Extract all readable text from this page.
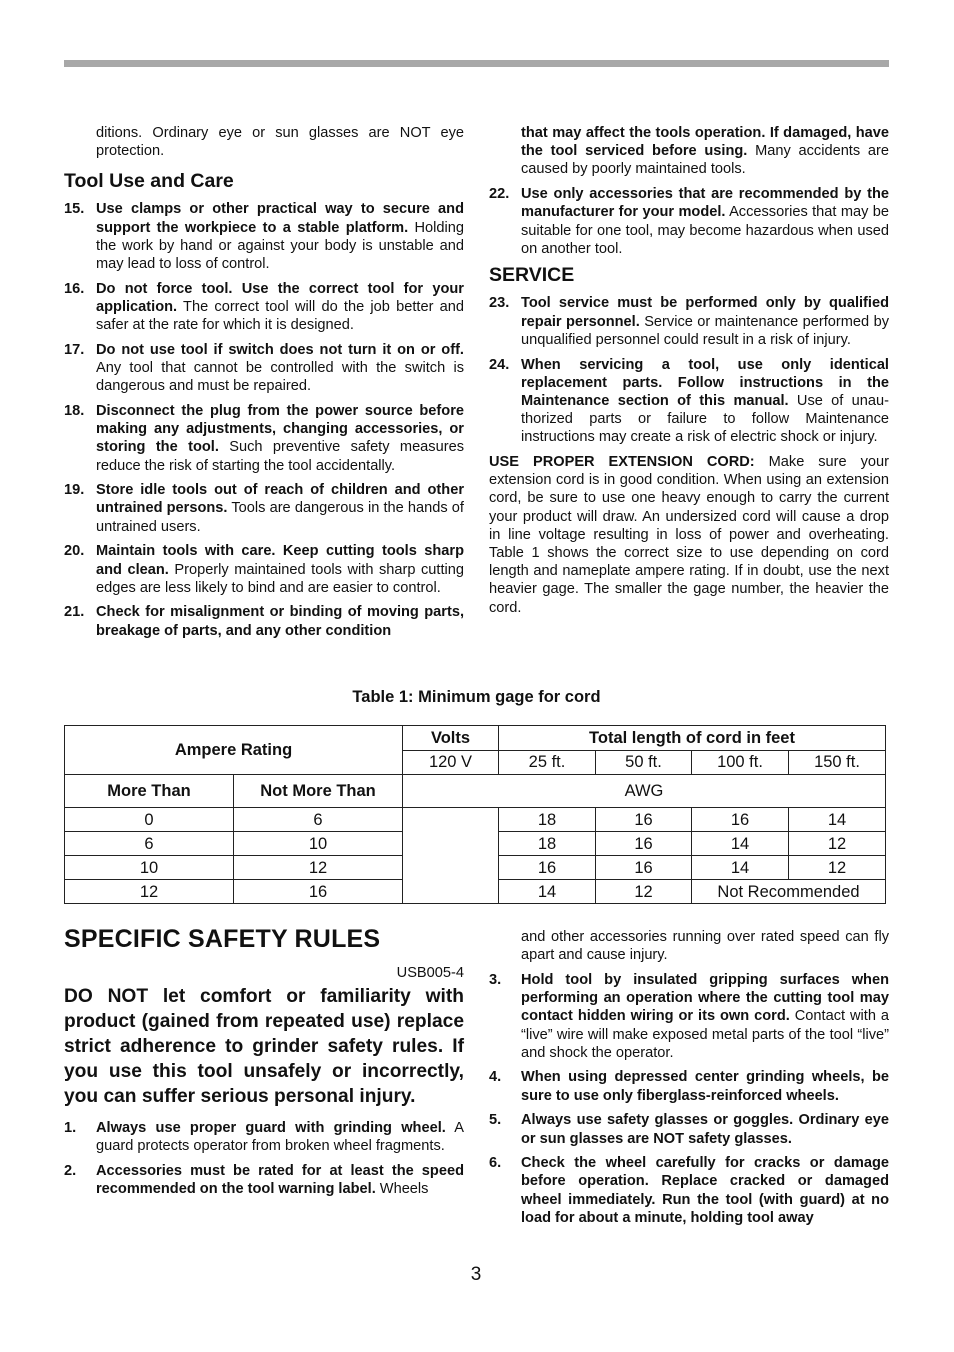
ditions. Ordinary eye or sun glasses are NOT eye protection.
Tool Use and Care
15. Use clamps or other practical way to secure and support the workpiece to a stable platform. Holding the work by hand or against your body is unstable and may lead to loss of control.
16. Do not force tool. Use the correct tool for your application. The correct tool will do the job better and safer at the rate for which it is designed.
17. Do not use tool if switch does not turn it on or off. Any tool that cannot be controlled with the switch is dangerous and must be repaired.
18. Disconnect the plug from the power source before making any adjustments, changing accessories, or storing the tool. Such preventive safety measures reduce the risk of starting the tool accidentally.
19. Store idle tools out of reach of children and other untrained persons. Tools are dangerous in the hands of untrained users.
20. Maintain tools with care. Keep cutting tools sharp and clean. Properly maintained tools with sharp cutting edges are less likely to bind and are easier to control.
21. Check for misalignment or binding of moving parts, breakage of parts, and any other condition
that may affect the tools operation. If damaged, have the tool serviced before using. Many accidents are caused by poorly maintained tools.
22. Use only accessories that are recommended by the manufacturer for your model. Accessories that may be suitable for one tool, may become hazardous when used on another tool.
SERVICE
23. Tool service must be performed only by qualified repair personnel. Service or maintenance performed by unqualified personnel could result in a risk of injury.
24. When servicing a tool, use only identical replacement parts. Follow instructions in the Maintenance section of this manual. Use of unauthorized parts or failure to follow Maintenance instructions may create a risk of electric shock or injury.
USE PROPER EXTENSION CORD: Make sure your extension cord is in good condition. When using an extension cord, be sure to use one heavy enough to carry the current your product will draw. An undersized cord will cause a drop in line voltage resulting in loss of power and overheating. Table 1 shows the correct size to use depending on cord length and nameplate ampere rating. If in doubt, use the next heavier gage. The smaller the gage number, the heavier the cord.
Table 1: Minimum gage for cord
Ampere Rating		Volts	Total length of cord in feet			
		120 V	25 ft.	50 ft.	100 ft.	150 ft.
More Than	Not More Than	AWG				
0	6		18	16	16	14
6	10		18	16	14	12
10	12		16	16	14	12
12	16		14	12	Not Recommended	
SPECIFIC SAFETY RULES
USB005-4
DO NOT let comfort or familiarity with product (gained from repeated use) replace strict adherence to grinder safety rules. If you use this tool unsafely or incorrectly, you can suffer serious personal injury.
1.	Always use proper guard with grinding wheel. A guard protects operator from broken wheel fragments.
2.	Accessories must be rated for at least the speed recommended on the tool warning label. Wheels
and other accessories running over rated speed can fly apart and cause injury.
3.	Hold tool by insulated gripping surfaces when performing an operation where the cutting tool may contact hidden wiring or its own cord. Contact with a “live” wire will make exposed metal parts of the tool “live” and shock the operator.
4.	When using depressed center grinding wheels, be sure to use only fiberglass-reinforced wheels.
5.	Always use safety glasses or goggles. Ordinary eye or sun glasses are NOT safety glasses.
6.	Check the wheel carefully for cracks or damage before operation. Replace cracked or damaged wheel immediately. Run the tool (with guard) at no load for about a minute, holding tool away
3
